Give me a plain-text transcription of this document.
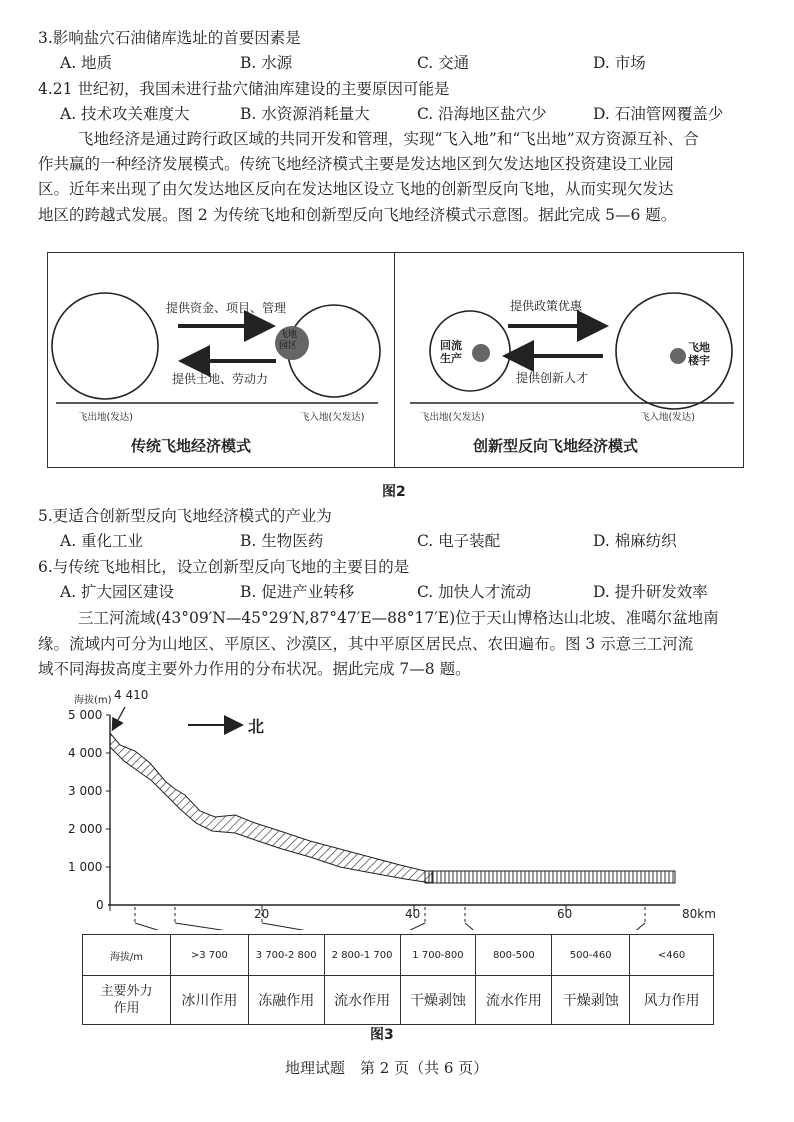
3.影响盐穴石油储库选址的首要因素是
A. 地质	B. 水源	C. 交通	D. 市场
4.21 世纪初，我国未进行盐穴储油库建设的主要原因可能是
A. 技术攻关难度大	B. 水资源消耗量大	C. 沿海地区盐穴少	D. 石油管网覆盖少
飞地经济是通过跨行政区域的共同开发和管理，实现“飞入地”和“飞出地”双方资源互补、合
作共赢的一种经济发展模式。传统飞地经济模式主要是发达地区到欠发达地区投资建设工业园
区。近年来出现了由欠发达地区反向在发达地区设立飞地的创新型反向飞地，从而实现欠发达
地区的跨越式发展。图 2 为传统飞地和创新型反向飞地经济模式示意图。据此完成 5—6 题。
提供资金、项目、管理
提供土地、劳动力
飞地
园区
飞出地(发达)	飞入地(欠发达)
传统飞地经济模式
提供政策优惠
提供创新人才
回流
生产
飞地
楼宇
飞出地(欠发达)	飞入地(发达)
创新型反向飞地经济模式
图2
5.更适合创新型反向飞地经济模式的产业为
A. 重化工业	B. 生物医药	C. 电子装配	D. 棉麻纺织
6.与传统飞地相比，设立创新型反向飞地的主要目的是
A. 扩大园区建设	B. 促进产业转移	C. 加快人才流动	D. 提升研发效率
三工河流域(43°09′N—45°29′N,87°47′E—88°17′E)位于天山博格达山北坡、准噶尔盆地南
缘。流域内可分为山地区、平原区、沙漠区，其中平原区居民点、农田遍布。图 3 示意三工河流
域不同海拔高度主要外力作用的分布状况。据此完成 7—8 题。
海拔(m) 4 410
北
5 000
4 000
3 000
2 000
1 000
0
20	40	60	80km
海拔/m	>3 700	3 700-2 800	2 800-1 700	1 700-800	800-500	500-460	<460
主要外力作用	冰川作用	冻融作用	流水作用	干燥剥蚀	流水作用	干燥剥蚀	风力作用
图3
地理试题　第 2 页（共 6 页）
